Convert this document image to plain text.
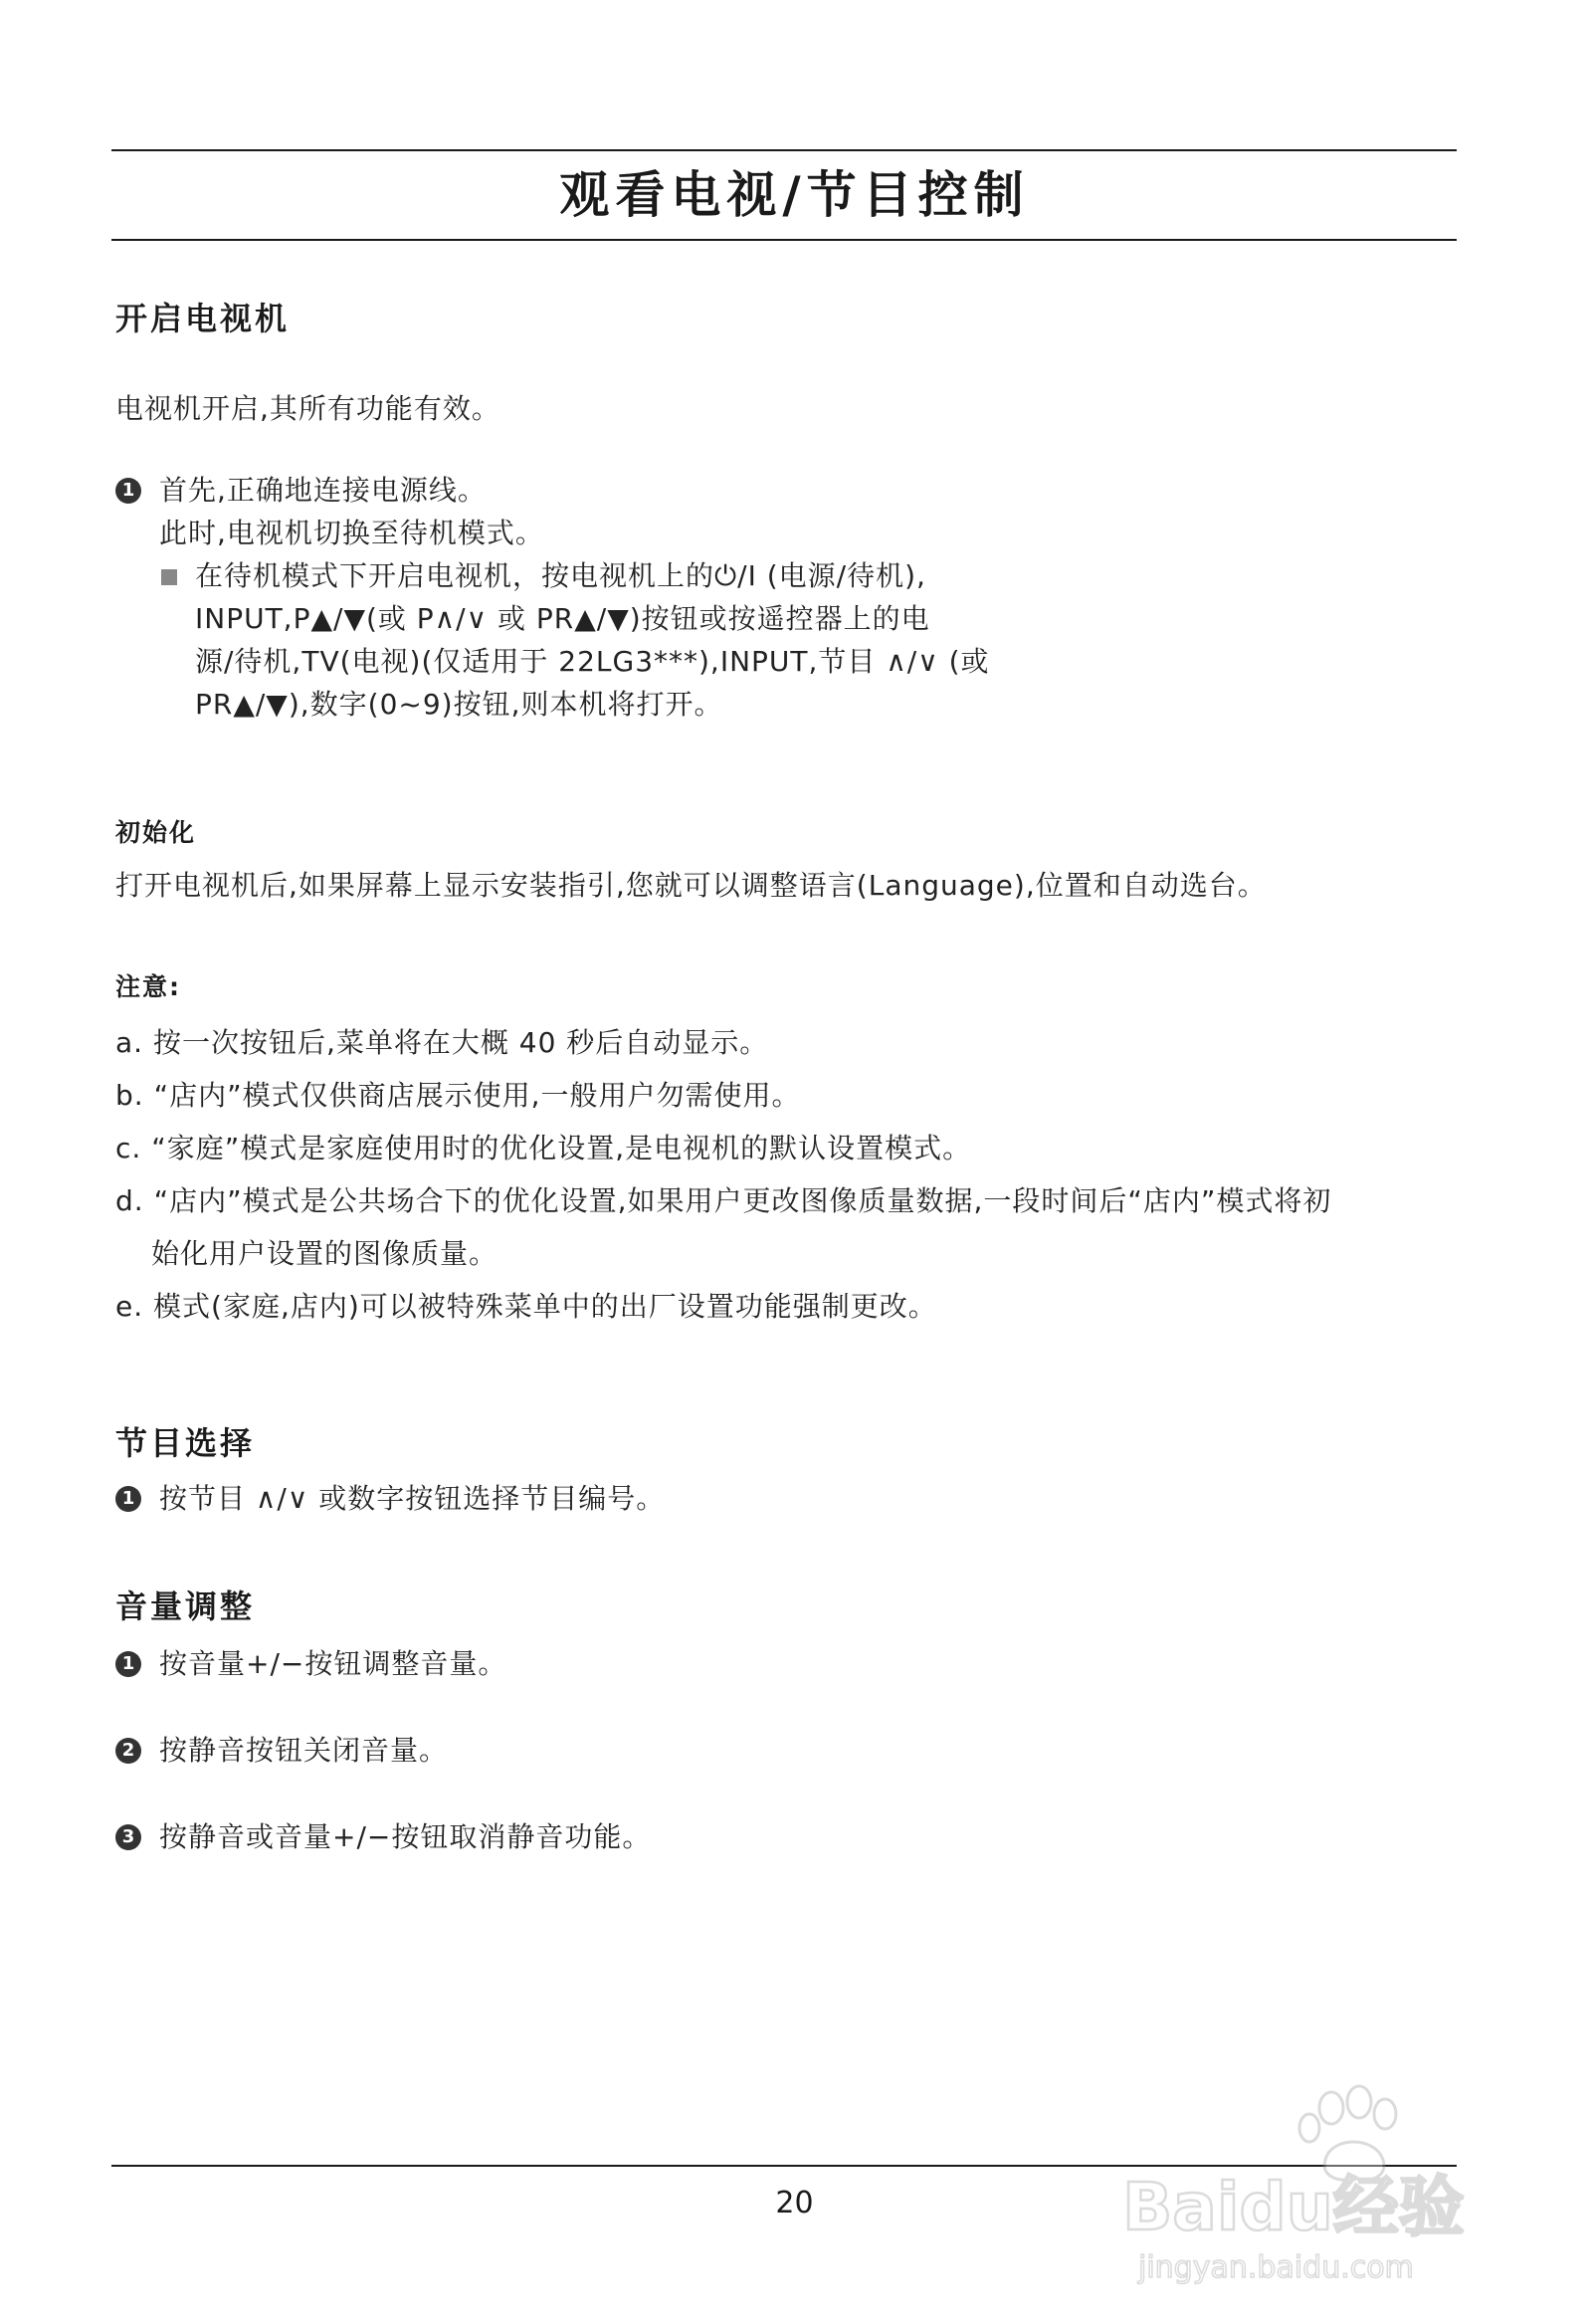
观看电视/节目控制
开启电视机
电视机开启,其所有功能有效。
1 首先,正确地连接电源线。
此时,电视机切换至待机模式。
在待机模式下开启电视机，按电视机上的⏻/I (电源/待机),
INPUT,P▲/▼(或 P∧/∨ 或 PR▲/▼)按钮或按遥控器上的电
源/待机,TV(电视)(仅适用于 22LG3***),INPUT,节目 ∧/∨ (或
PR▲/▼),数字(0~9)按钮,则本机将打开。
初始化
打开电视机后,如果屏幕上显示安装指引,您就可以调整语言(Language),位置和自动选台。
注意:
a. 按一次按钮后,菜单将在大概 40 秒后自动显示。
b. “店内”模式仅供商店展示使用,一般用户勿需使用。
c. “家庭”模式是家庭使用时的优化设置,是电视机的默认设置模式。
d. “店内”模式是公共场合下的优化设置,如果用户更改图像质量数据,一段时间后“店内”模式将初
始化用户设置的图像质量。
e. 模式(家庭,店内)可以被特殊菜单中的出厂设置功能强制更改。
节目选择
1 按节目 ∧/∨ 或数字按钮选择节目编号。
音量调整
1 按音量+/−按钮调整音量。
2 按静音按钮关闭音量。
3 按静音或音量+/−按钮取消静音功能。
20	Baidu经验
jingyan.baidu.com
